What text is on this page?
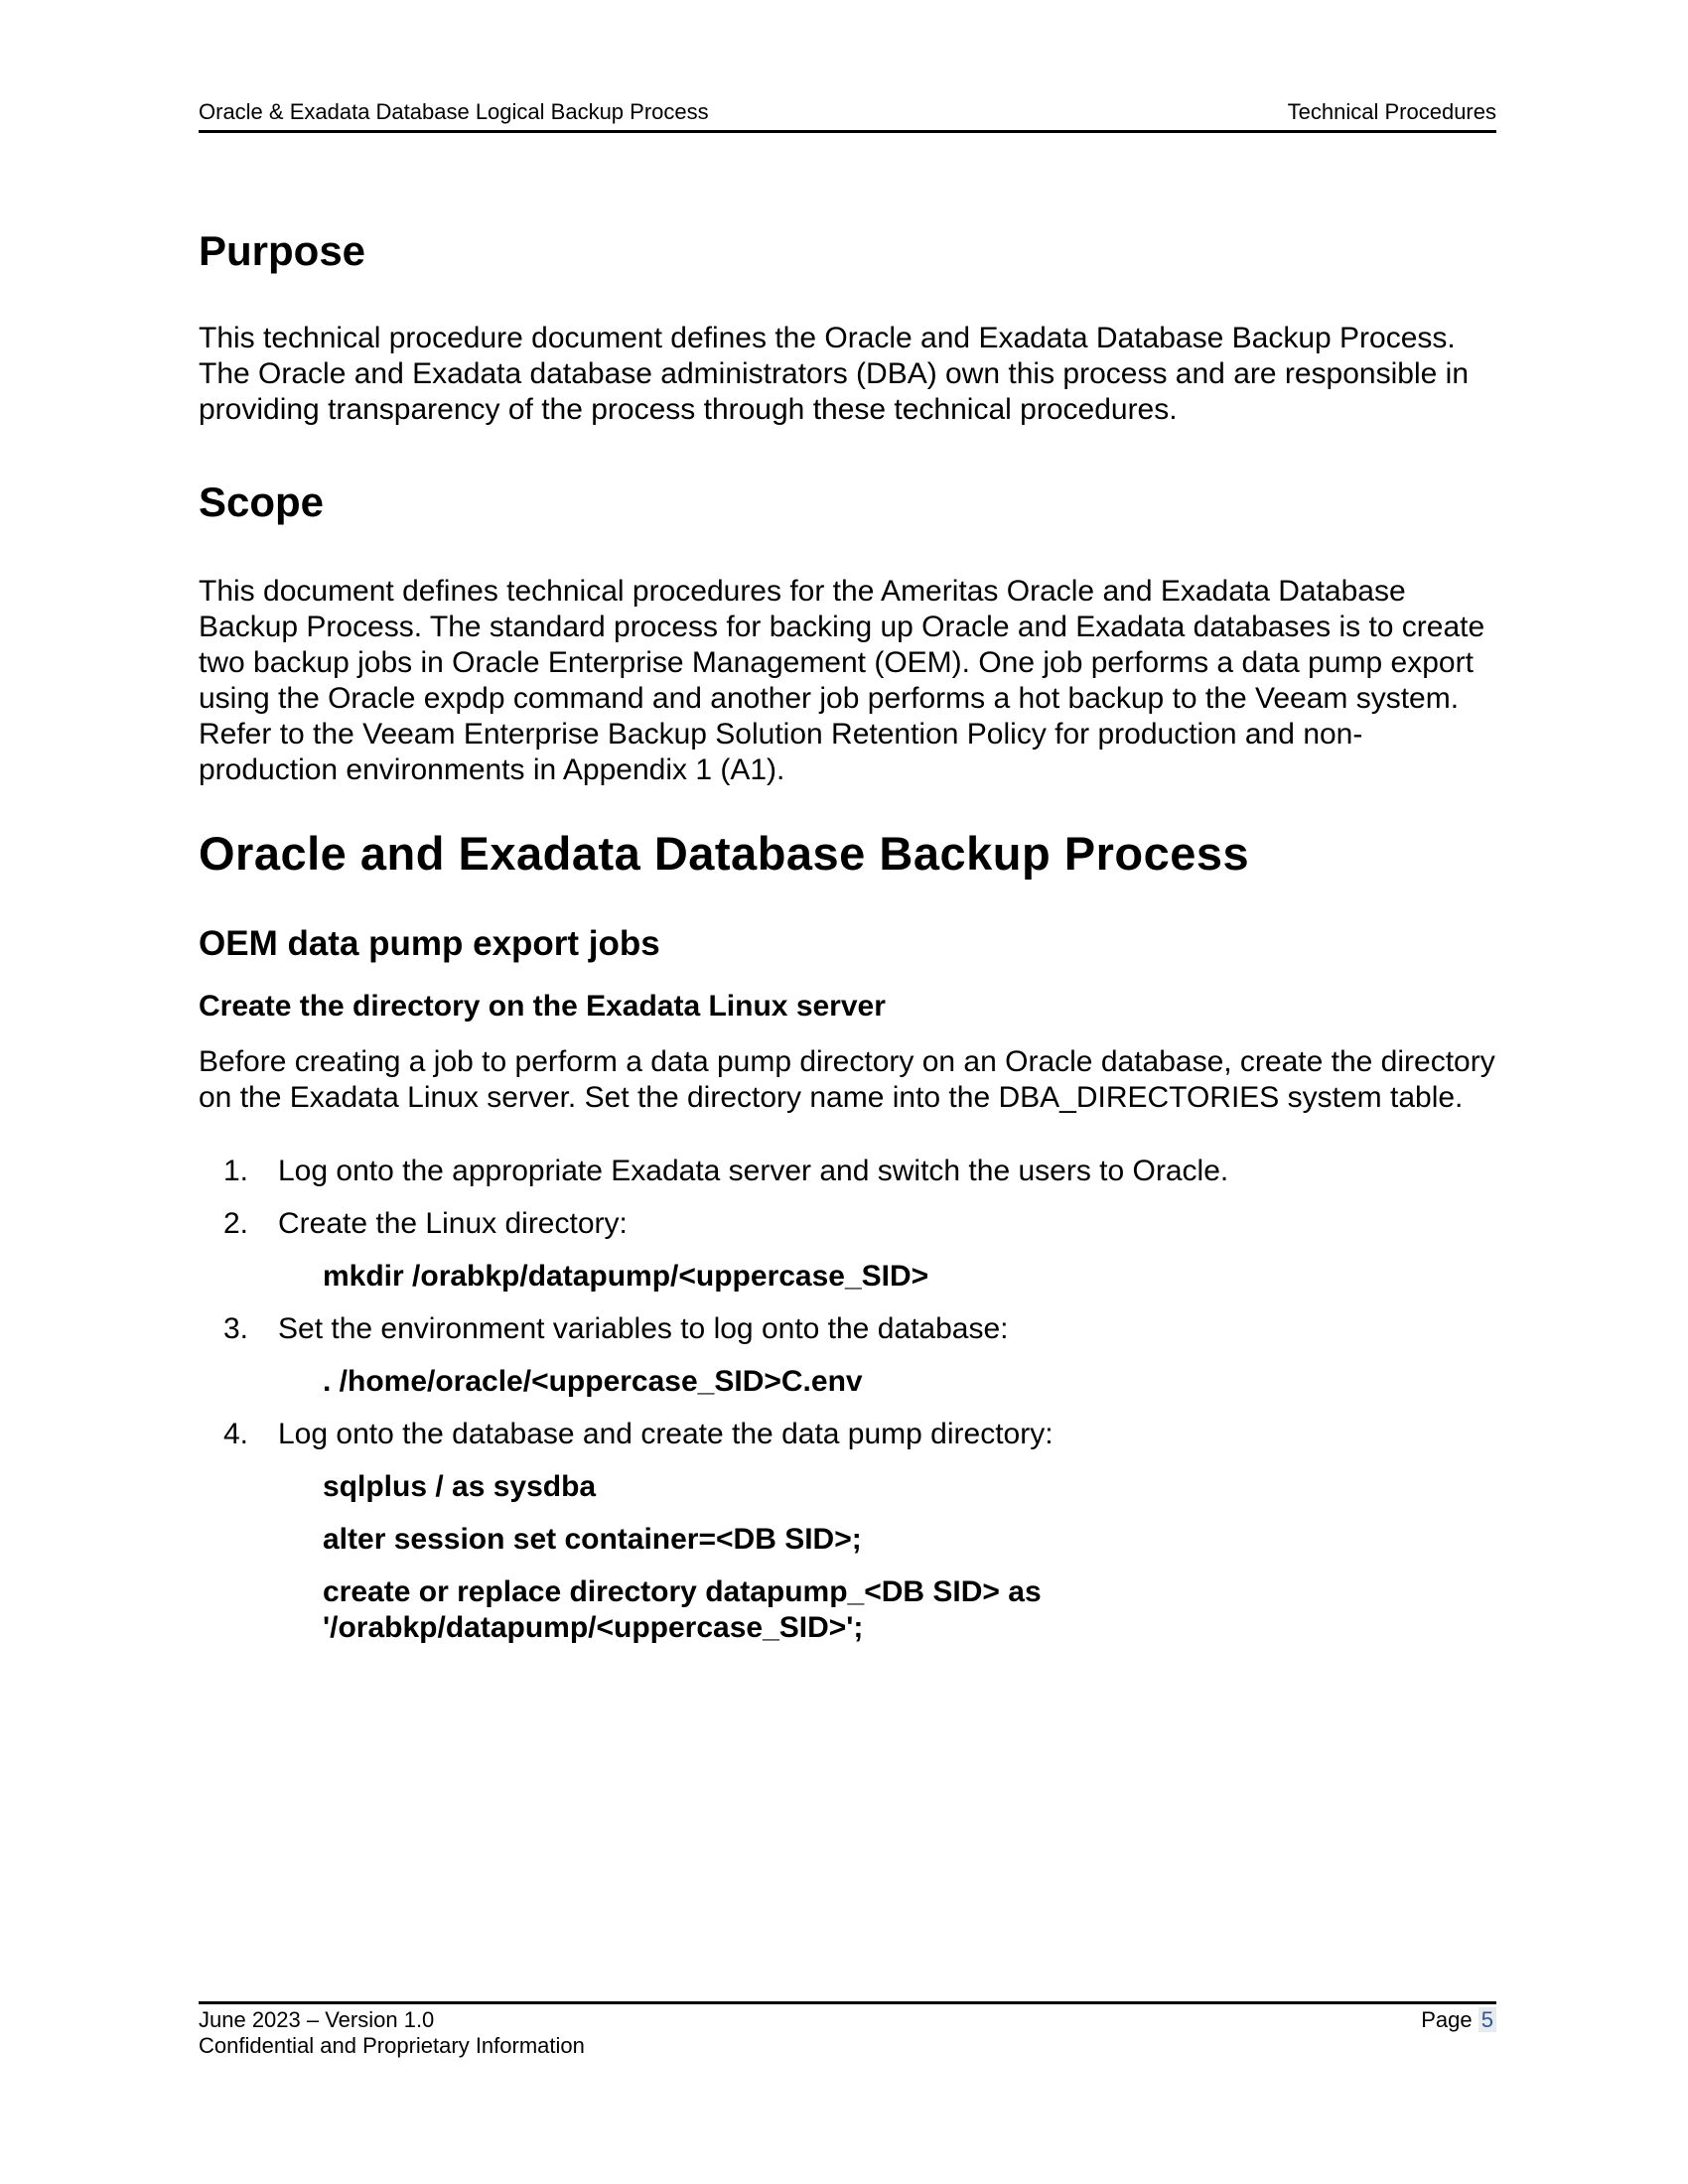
Oracle & Exadata Database Logical Backup Process	Technical Procedures
Purpose
This technical procedure document defines the Oracle and Exadata Database Backup Process. The Oracle and Exadata database administrators (DBA) own this process and are responsible in providing transparency of the process through these technical procedures.
Scope
This document defines technical procedures for the Ameritas Oracle and Exadata Database Backup Process. The standard process for backing up Oracle and Exadata databases is to create two backup jobs in Oracle Enterprise Management (OEM). One job performs a data pump export using the Oracle expdp command and another job performs a hot backup to the Veeam system. Refer to the Veeam Enterprise Backup Solution Retention Policy for production and non-production environments in Appendix 1 (A1).
Oracle and Exadata Database Backup Process
OEM data pump export jobs
Create the directory on the Exadata Linux server
Before creating a job to perform a data pump directory on an Oracle database, create the directory on the Exadata Linux server. Set the directory name into the DBA_DIRECTORIES system table.
1. Log onto the appropriate Exadata server and switch the users to Oracle.
2. Create the Linux directory:
mkdir /orabkp/datapump/<uppercase_SID>
3. Set the environment variables to log onto the database:
. /home/oracle/<uppercase_SID>C.env
4. Log onto the database and create the data pump directory:
sqlplus / as sysdba
alter session set container=<DB SID>;
create or replace directory datapump_<DB SID> as '/orabkp/datapump/<uppercase_SID>';
June 2023 – Version 1.0
Confidential and Proprietary Information
Page 5
